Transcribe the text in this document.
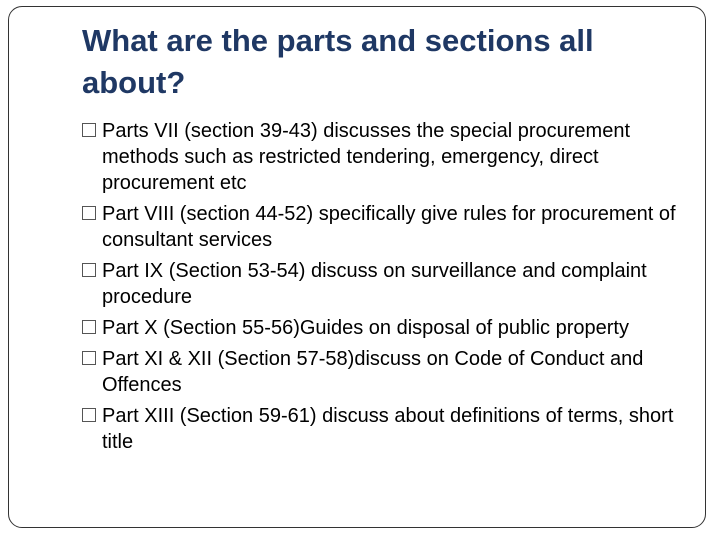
What are the parts and sections all about?
Parts VII (section 39-43) discusses the special procurement methods such as restricted tendering, emergency, direct procurement etc
Part VIII (section 44-52) specifically give rules for procurement of consultant services
Part IX (Section 53-54) discuss on surveillance and complaint procedure
Part X (Section 55-56)Guides on disposal of public property
Part XI & XII (Section 57-58)discuss on Code of Conduct and Offences
Part XIII (Section 59-61) discuss about definitions of terms, short title
